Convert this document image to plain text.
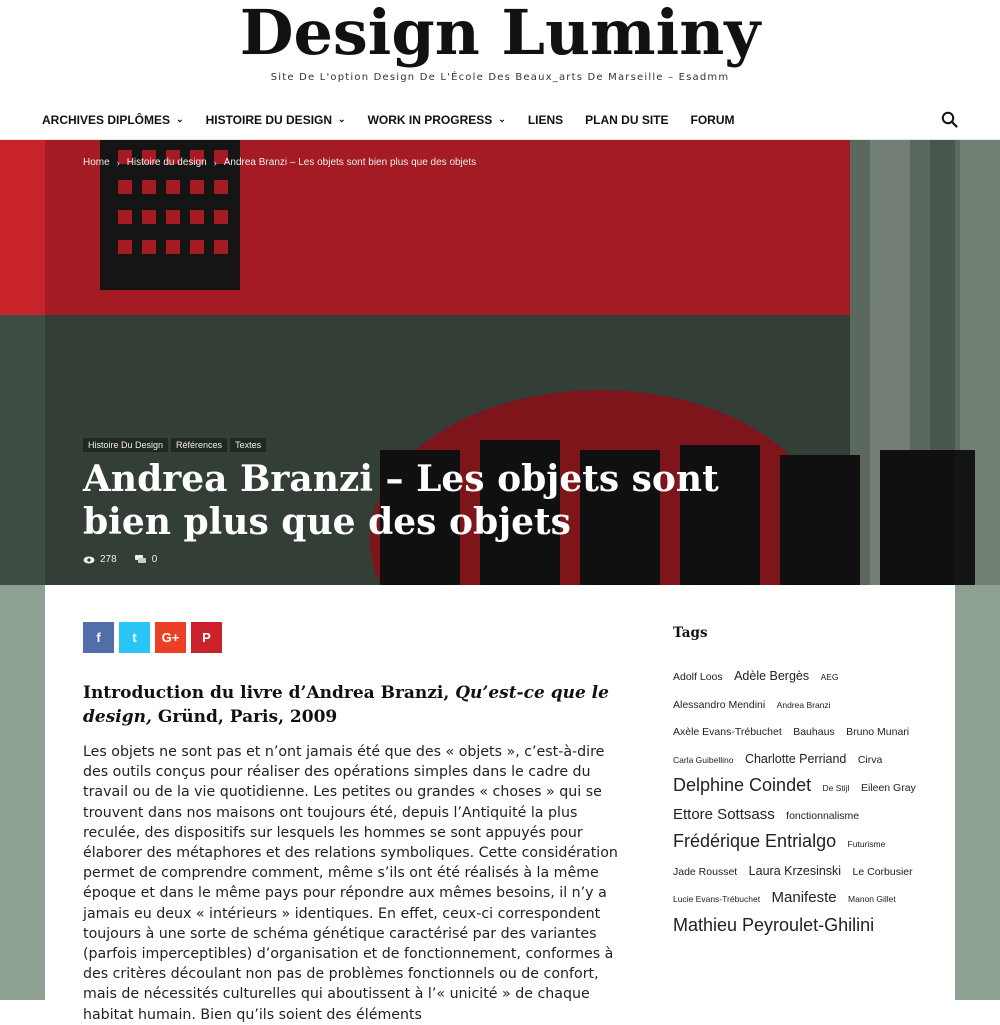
Design Luminy
Site De L'option Design De L'École Des Beaux_arts De Marseille – Esadmm
ARCHIVES DIPLÔMES ⌄ HISTOIRE DU DESIGN ⌄ WORK IN PROGRESS ⌄ LIENS PLAN DU SITE FORUM
Home › Histoire du design › Andrea Branzi – Les objets sont bien plus que des objets
Histoire Du Design	Références	Textes
Andrea Branzi – Les objets sont bien plus que des objets
278	0
f t G+ P
Introduction du livre d’Andrea Branzi, Qu’est-ce que le design, Gründ, Paris, 2009

Les objets ne sont pas et n’ont jamais été que des « objets », c’est-à-dire des outils conçus pour réaliser des opérations simples dans le cadre du travail ou de la vie quotidienne. Les petites ou grandes « choses » qui se trouvent dans nos maisons ont toujours été, depuis l’Antiquité la plus reculée, des dispositifs sur lesquels les hommes se sont appuyés pour élaborer des métaphores et des relations symboliques. Cette considération permet de comprendre comment, même s’ils ont été réalisés à la même époque et dans le même pays pour répondre aux mêmes besoins, il n’y a jamais eu deux « intérieurs » identiques. En effet, ceux-ci correspondent toujours à une sorte de schéma génétique caractérisé par des variantes (parfois imperceptibles) d’organisation et de fonctionnement, conformes à des critères découlant non pas de problèmes fonctionnels ou de confort, mais de nécessités culturelles qui aboutissent à l’« unicité » de chaque habitat humain. Bien qu’ils soient des éléments

Tags
Adolf Loos Adèle Bergès AEG Alessandro Mendini Andrea Branzi Axèle Evans-Trébuchet Bauhaus Bruno Munari Carla Guibellino Charlotte Perriand Cirva Delphine Coindet De Stijl Eileen Gray Ettore Sottsass fonctionnalisme Frédérique Entrialgo Futurisme Jade Rousset Laura Krzesinski Le Corbusier Lucie Evans-Trébuchet Manifeste Manon Gillet Mathieu Peyroulet-Ghilini
